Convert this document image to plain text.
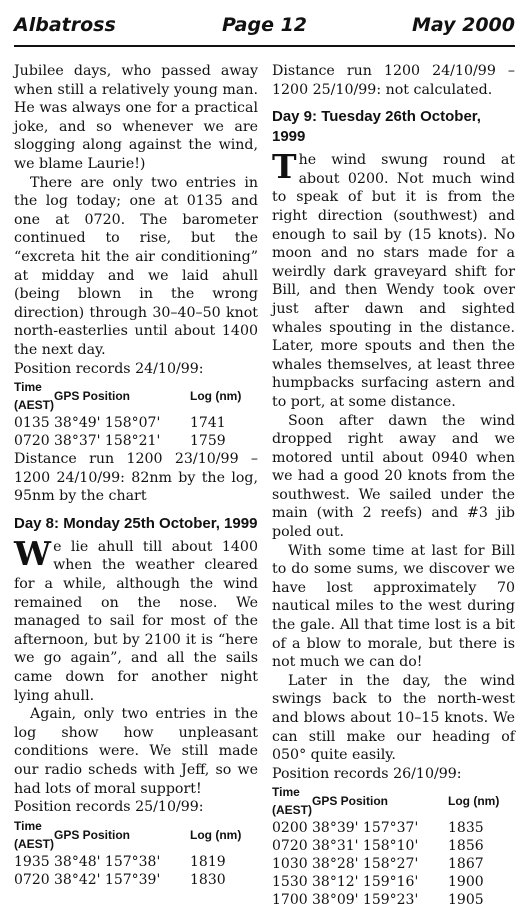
Albatross	Page 12	May 2000

Jubilee days, who passed away when still a relatively young man. He was always one for a practical joke, and so whenever we are slogging along against the wind, we blame Laurie!)

There are only two entries in the log today; one at 0135 and one at 0720. The barometer continued to rise, but the “excreta hit the air conditioning” at midday and we laid ahull (being blown in the wrong direction) through 30–40–50 knot north-easterlies until about 1400 the next day.

Position records 24/10/99:
Time (AEST)	GPS Position	Log (nm)
0135	38°49' 158°07'	1741
0720	38°37' 158°21'	1759

Distance run 1200 23/10/99 – 1200 24/10/99: 82nm by the log, 95nm by the chart

Day 8: Monday 25th October, 1999

We lie ahull till about 1400 when the weather cleared for a while, although the wind remained on the nose. We managed to sail for most of the afternoon, but by 2100 it is “here we go again”, and all the sails came down for another night lying ahull.

Again, only two entries in the log show how unpleasant conditions were. We still made our radio scheds with Jeff, so we had lots of moral support!

Position records 25/10/99:
Time (AEST)	GPS Position	Log (nm)
1935	38°48' 157°38'	1819
0720	38°42' 157°39'	1830

Distance run 1200 24/10/99 – 1200 25/10/99: not calculated.

Day 9: Tuesday 26th October, 1999

The wind swung round at about 0200. Not much wind to speak of but it is from the right direction (southwest) and enough to sail by (15 knots). No moon and no stars made for a weirdly dark graveyard shift for Bill, and then Wendy took over just after dawn and sighted whales spouting in the distance. Later, more spouts and then the whales themselves, at least three humpbacks surfacing astern and to port, at some distance.

Soon after dawn the wind dropped right away and we motored until about 0940 when we had a good 20 knots from the southwest. We sailed under the main (with 2 reefs) and #3 jib poled out.

With some time at last for Bill to do some sums, we discover we have lost approximately 70 nautical miles to the west during the gale. All that time lost is a bit of a blow to morale, but there is not much we can do!

Later in the day, the wind swings back to the north-west and blows about 10–15 knots. We can still make our heading of 050° quite easily.

Position records 26/10/99:
Time (AEST)	GPS Position	Log (nm)
0200	38°39' 157°37'	1835
0720	38°31' 158°10'	1856
1030	38°28' 158°27'	1867
1530	38°12' 159°16'	1900
1700	38°09' 159°23'	1905
